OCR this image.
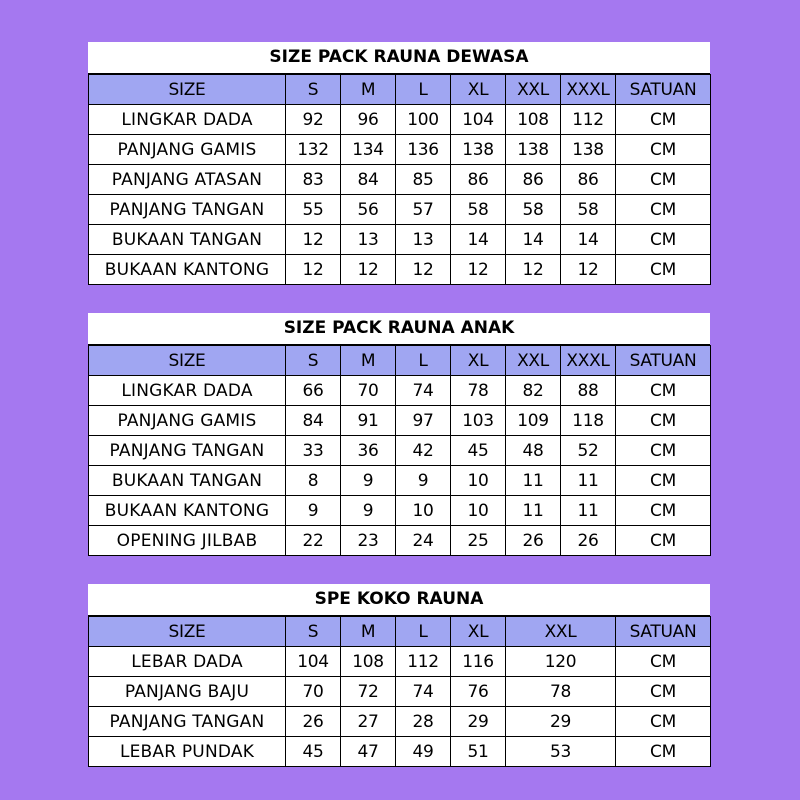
SIZE PACK RAUNA DEWASA
SIZE	S	M	L	XL	XXL	XXXL	SATUAN
LINGKAR DADA	92	96	100	104	108	112	CM
PANJANG GAMIS	132	134	136	138	138	138	CM
PANJANG ATASAN	83	84	85	86	86	86	CM
PANJANG TANGAN	55	56	57	58	58	58	CM
BUKAAN TANGAN	12	13	13	14	14	14	CM
BUKAAN KANTONG	12	12	12	12	12	12	CM
SIZE PACK RAUNA ANAK
SIZE	S	M	L	XL	XXL	XXXL	SATUAN
LINGKAR DADA	66	70	74	78	82	88	CM
PANJANG GAMIS	84	91	97	103	109	118	CM
PANJANG TANGAN	33	36	42	45	48	52	CM
BUKAAN TANGAN	8	9	9	10	11	11	CM
BUKAAN KANTONG	9	9	10	10	11	11	CM
OPENING JILBAB	22	23	24	25	26	26	CM
SPE KOKO RAUNA
SIZE	S	M	L	XL	XXL	SATUAN
LEBAR DADA	104	108	112	116	120	CM
PANJANG BAJU	70	72	74	76	78	CM
PANJANG TANGAN	26	27	28	29	29	CM
LEBAR PUNDAK	45	47	49	51	53	CM
